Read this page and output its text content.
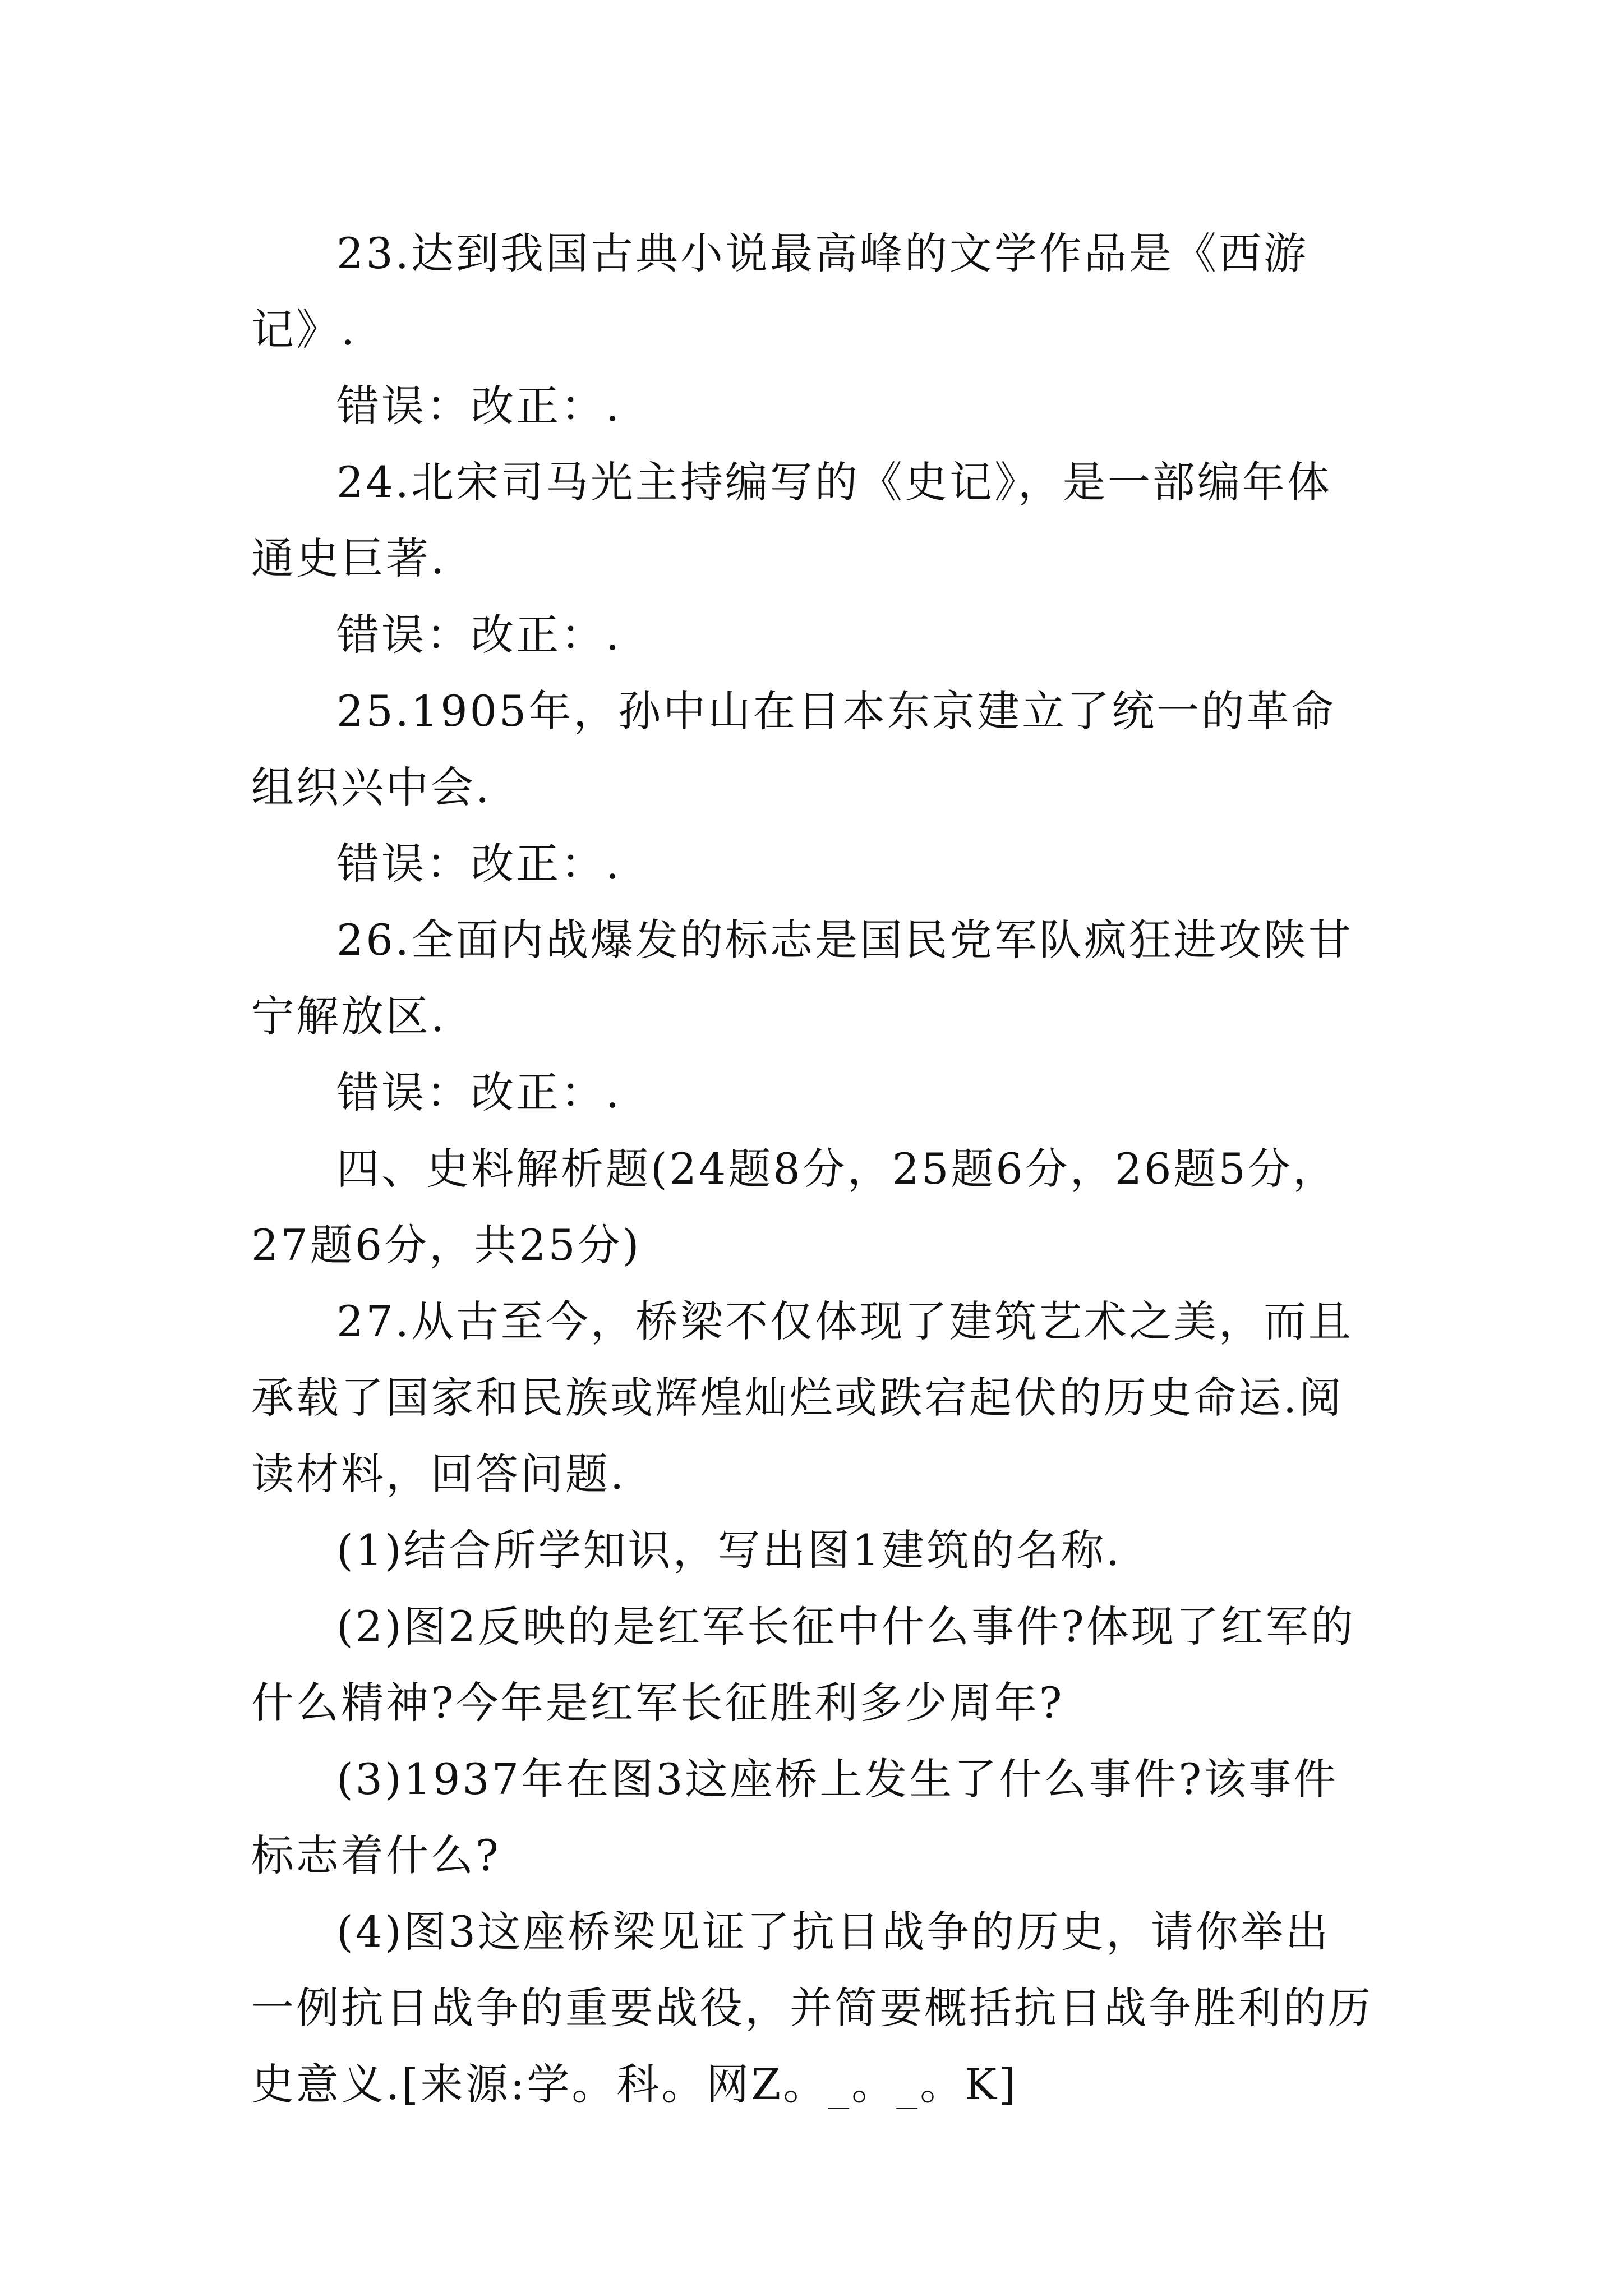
23.达到我国古典小说最高峰的文学作品是《西游记》.

错误：改正：.

24.北宋司马光主持编写的《史记》，是一部编年体通史巨著.

错误：改正：.

25.1905年，孙中山在日本东京建立了统一的革命组织兴中会.

错误：改正：.

26.全面内战爆发的标志是国民党军队疯狂进攻陕甘宁解放区.

错误：改正：.

四、史料解析题(24题8分，25题6分，26题5分，27题6分，共25分)

27.从古至今，桥梁不仅体现了建筑艺术之美，而且承载了国家和民族或辉煌灿烂或跌宕起伏的历史命运.阅读材料，回答问题.

(1)结合所学知识，写出图1建筑的名称.

(2)图2反映的是红军长征中什么事件?体现了红军的什么精神?今年是红军长征胜利多少周年?

(3)1937年在图3这座桥上发生了什么事件?该事件标志着什么?

(4)图3这座桥梁见证了抗日战争的历史，请你举出一例抗日战争的重要战役，并简要概括抗日战争胜利的历史意义.[来源:学。科。网Z。_。_。K]
